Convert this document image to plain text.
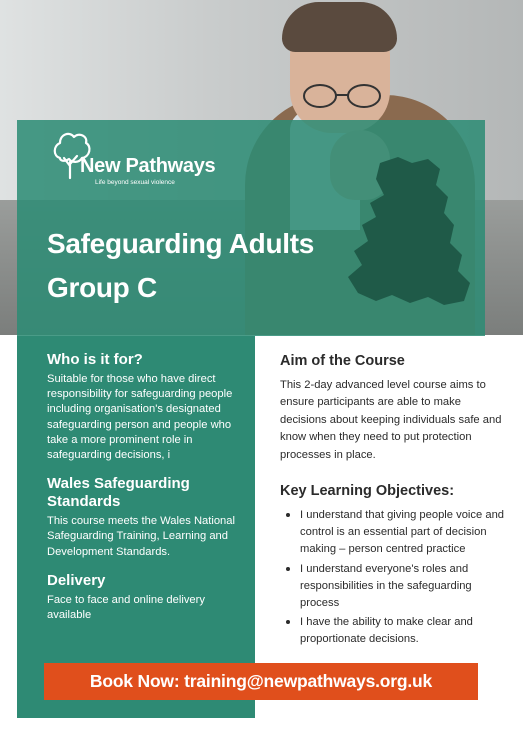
New Pathways
Life beyond sexual violence
Safeguarding Adults
Group C
Who is it for?

Suitable for those who have direct responsibility for safeguarding people including organisation's designated safeguarding person and people who take a more prominent role in safeguarding decisions, i

Wales Safeguarding Standards

This course meets the Wales National Safeguarding Training, Learning and Development Standards.

Delivery

Face to face and online delivery available

Aim of the Course

This 2-day advanced level course aims to ensure participants are able to make decisions about keeping individuals safe and know when they need to put protection processes in place.

Key Learning Objectives:
I understand that giving people voice and control is an essential part of decision making – person centred practice
I understand everyone's roles and responsibilities in the safeguarding process
I have the ability to make clear and proportionate decisions.
Book Now: training@newpathways.org.uk
